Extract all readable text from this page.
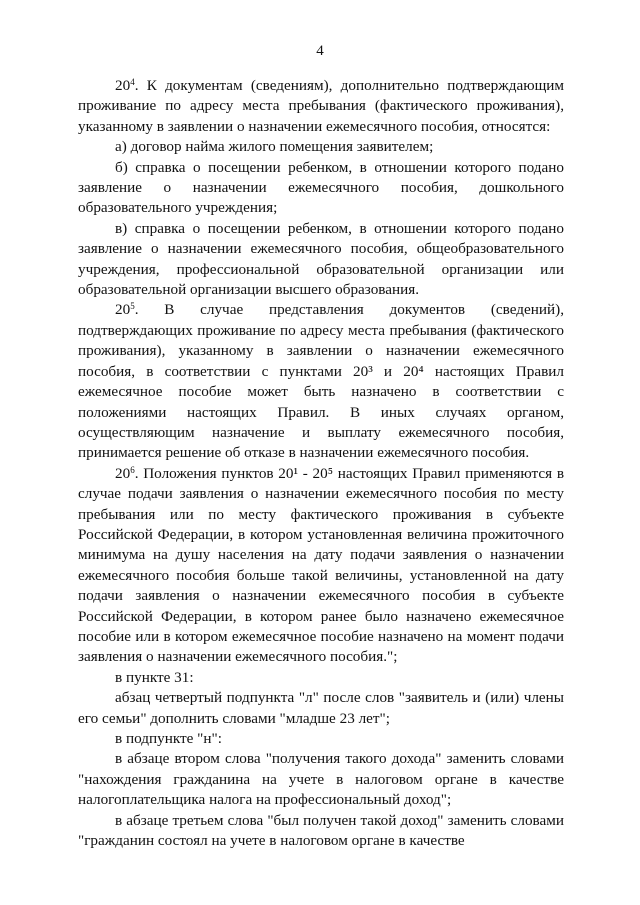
4

$20^4$. К документам (сведениям), дополнительно подтверждающим проживание по адресу места пребывания (фактического проживания), указанному в заявлении о назначении ежемесячного пособия, относятся:

а) договор найма жилого помещения заявителем;

б) справка о посещении ребенком, в отношении которого подано заявление о назначении ежемесячного пособия, дошкольного образовательного учреждения;

в) справка о посещении ребенком, в отношении которого подано заявление о назначении ежемесячного пособия, общеобразовательного учреждения, профессиональной образовательной организации или образовательной организации высшего образования.

$20^5$. В случае представления документов (сведений), подтверждающих проживание по адресу места пребывания (фактического проживания), указанному в заявлении о назначении ежемесячного пособия, в соответствии с пунктами 20³ и 20⁴ настоящих Правил ежемесячное пособие может быть назначено в соответствии с положениями настоящих Правил. В иных случаях органом, осуществляющим назначение и выплату ежемесячного пособия, принимается решение об отказе в назначении ежемесячного пособия.

$20^6$. Положения пунктов 20¹ - 20⁵ настоящих Правил применяются в случае подачи заявления о назначении ежемесячного пособия по месту пребывания или по месту фактического проживания в субъекте Российской Федерации, в котором установленная величина прожиточного минимума на душу населения на дату подачи заявления о назначении ежемесячного пособия больше такой величины, установленной на дату подачи заявления о назначении ежемесячного пособия в субъекте Российской Федерации, в котором ранее было назначено ежемесячное пособие или в котором ежемесячное пособие назначено на момент подачи заявления о назначении ежемесячного пособия.";

в пункте 31:

абзац четвертый подпункта "л" после слов "заявитель и (или) члены его семьи" дополнить словами "младше 23 лет";

в подпункте "н":

в абзаце втором слова "получения такого дохода" заменить словами "нахождения гражданина на учете в налоговом органе в качестве налогоплательщика налога на профессиональный доход";

в абзаце третьем слова "был получен такой доход" заменить словами "гражданин состоял на учете в налоговом органе в качестве
